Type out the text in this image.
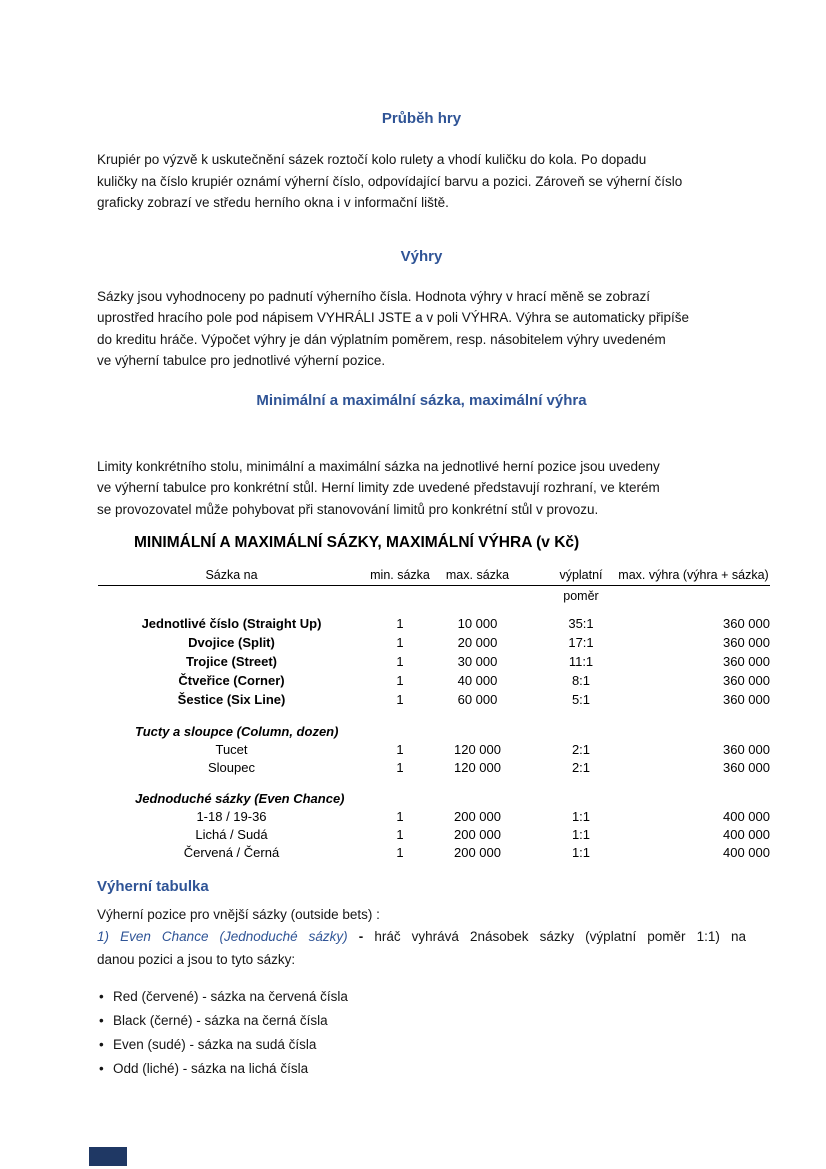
Průběh hry
Krupiér po výzvě k uskutečnění sázek roztočí kolo rulety a vhodí kuličku do kola. Po dopadu
kuličky na číslo krupiér oznámí výherní číslo, odpovídající barvu a pozici. Zároveň se výherní číslo
graficky zobrazí ve středu herního okna i v informační liště.
Výhry
Sázky jsou vyhodnoceny po padnutí výherního čísla. Hodnota výhry v hrací měně se zobrazí
uprostřed hracího pole pod nápisem VYHRÁLI JSTE a v poli VÝHRA. Výhra se automaticky připíše
do kreditu hráče. Výpočet výhry je dán výplatním poměrem, resp. násobitelem výhry uvedeném
ve výherní tabulce pro jednotlivé výherní pozice.
Minimální a maximální sázka, maximální výhra
Limity konkrétního stolu, minimální a maximální sázka na jednotlivé herní pozice jsou uvedeny
ve výherní tabulce pro konkrétní stůl. Herní limity zde uvedené představují rozhraní, ve kterém
se provozovatel může pohybovat při stanovování limitů pro konkrétní stůl v provozu.
MINIMÁLNÍ A MAXIMÁLNÍ SÁZKY, MAXIMÁLNÍ VÝHRA (v Kč)
Sázka na	min. sázka	max. sázka	výplatní	max. výhra (výhra + sázka)
			poměr	

Jednotlivé číslo (Straight Up)	1	10 000	35:1	360 000
Dvojice (Split)	1	20 000	17:1	360 000
Trojice (Street)	1	30 000	11:1	360 000
Čtveřice (Corner)	1	40 000	8:1	360 000
Šestice (Six Line)	1	60 000	5:1	360 000

Tucty a sloupce (Column, dozen)				
Tucet	1	120 000	2:1	360 000
Sloupec	1	120 000	2:1	360 000

Jednoduché sázky (Even Chance)				
1-18 / 19-36	1	200 000	1:1	400 000
Lichá / Sudá	1	200 000	1:1	400 000
Červená / Černá	1	200 000	1:1	400 000
Výherní tabulka
Výherní pozice pro vnější sázky (outside bets) :
1) Even Chance (Jednoduché sázky) - hráč vyhrává 2násobek sázky (výplatní poměr 1:1) na
danou pozici a jsou to tyto sázky:
• Red (červené) - sázka na červená čísla
• Black (černé) - sázka na černá čísla
• Even (sudé) - sázka na sudá čísla
• Odd (liché) - sázka na lichá čísla
